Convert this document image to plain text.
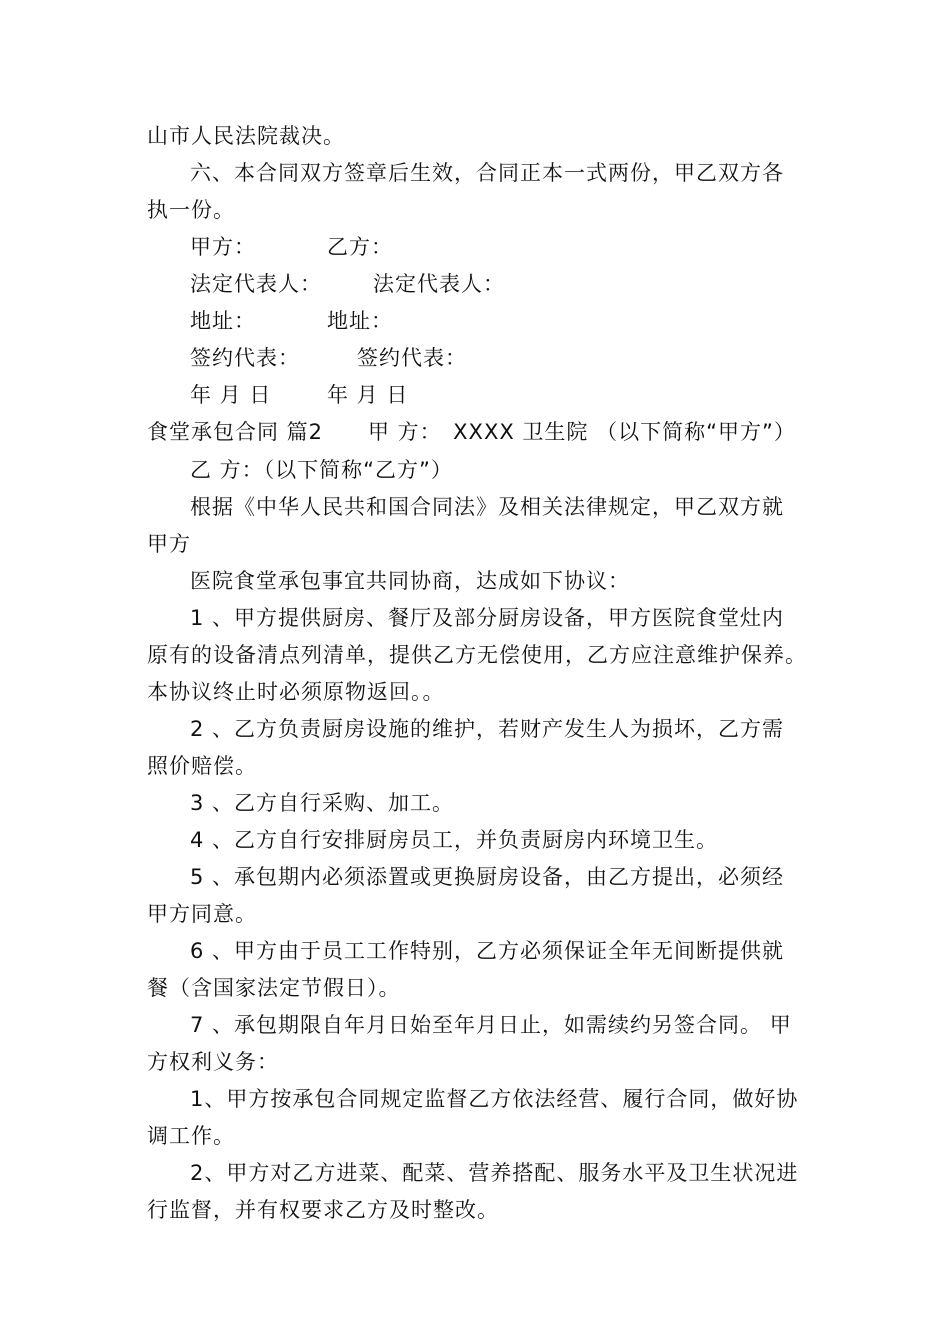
山市人民法院裁决。
六、本合同双方签章后生效，合同正本一式两份，甲乙双方各
执一份。
甲方：	乙方：
法定代表人： 法定代表人：
地址：	地址：
签约代表：	签约代表：
年 月 日	年 月 日
食堂承包合同 篇2 甲 方：　XXXX 卫生院 （以下简称“甲方”）
乙 方：（以下简称“乙方”）
根据《中华人民共和国合同法》及相关法律规定，甲乙双方就
甲方
医院食堂承包事宜共同协商，达成如下协议：
1 、甲方提供厨房、餐厅及部分厨房设备，甲方医院食堂灶内
原有的设备清点列清单，提供乙方无偿使用，乙方应注意维护保养。
本协议终止时必须原物返回。。
2 、乙方负责厨房设施的维护，若财产发生人为损坏，乙方需
照价赔偿。
3 、乙方自行采购、加工。
4 、乙方自行安排厨房员工，并负责厨房内环境卫生。
5 、承包期内必须添置或更换厨房设备，由乙方提出，必须经
甲方同意。
6 、甲方由于员工工作特别，乙方必须保证全年无间断提供就
餐（含国家法定节假日）。
7 、承包期限自年月日始至年月日止，如需续约另签合同。 甲
方权利义务：
1、甲方按承包合同规定监督乙方依法经营、履行合同，做好协
调工作。
2、甲方对乙方进菜、配菜、营养搭配、服务水平及卫生状况进
行监督，并有权要求乙方及时整改。
